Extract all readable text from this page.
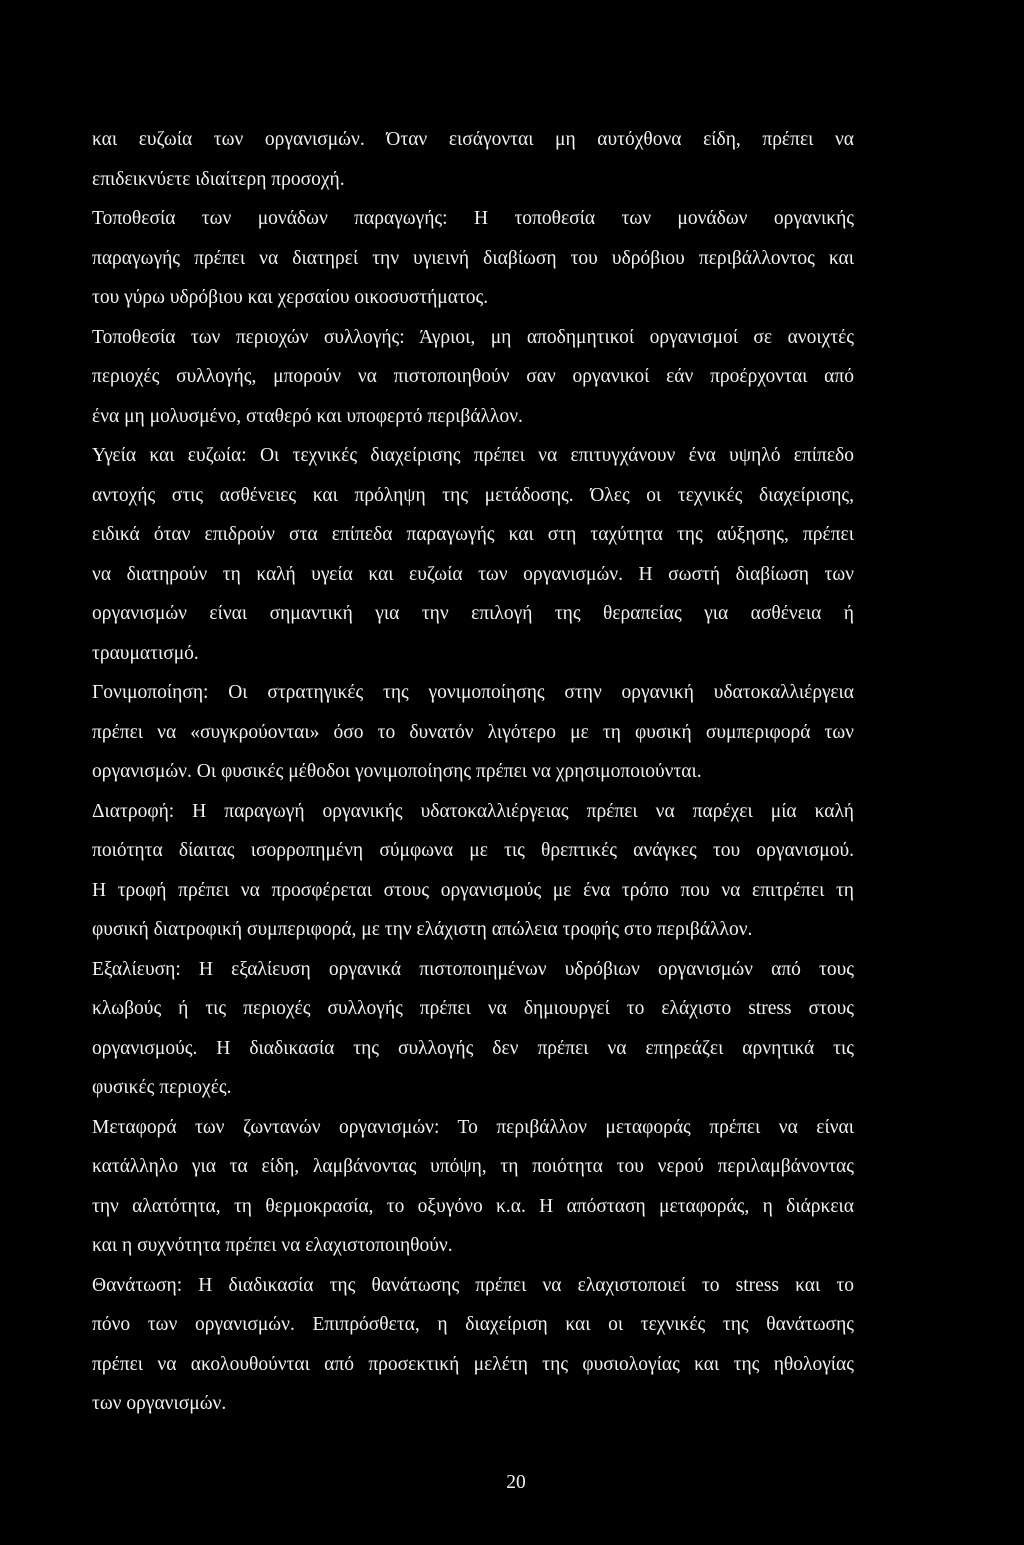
και ευζωία των οργανισμών. Όταν εισάγονται μη αυτόχθονα είδη, πρέπει να
επιδεικνύετε ιδιαίτερη προσοχή.
Τοποθεσία των μονάδων παραγωγής: Η τοποθεσία των μονάδων οργανικής
παραγωγής πρέπει να διατηρεί την υγιεινή διαβίωση του υδρόβιου περιβάλλοντος και
του γύρω υδρόβιου και χερσαίου οικοσυστήματος.
Τοποθεσία των περιοχών συλλογής: Άγριοι, μη αποδημητικοί οργανισμοί σε ανοιχτές
περιοχές συλλογής, μπορούν να πιστοποιηθούν σαν οργανικοί εάν προέρχονται από
ένα μη μολυσμένο, σταθερό και υποφερτό περιβάλλον.
Υγεία και ευζωία: Οι τεχνικές διαχείρισης πρέπει να επιτυγχάνουν ένα υψηλό επίπεδο
αντοχής στις ασθένειες και πρόληψη της μετάδοσης. Όλες οι τεχνικές διαχείρισης,
ειδικά όταν επιδρούν στα επίπεδα παραγωγής και στη ταχύτητα της αύξησης, πρέπει
να διατηρούν τη καλή υγεία και ευζωία των οργανισμών. Η σωστή διαβίωση των
οργανισμών είναι σημαντική για την επιλογή της θεραπείας για ασθένεια ή
τραυματισμό.
Γονιμοποίηση: Οι στρατηγικές της γονιμοποίησης στην οργανική υδατοκαλλιέργεια
πρέπει να «συγκρούονται» όσο το δυνατόν λιγότερο με τη φυσική συμπεριφορά των
οργανισμών. Οι φυσικές μέθοδοι γονιμοποίησης πρέπει να χρησιμοποιούνται.
Διατροφή: Η παραγωγή οργανικής υδατοκαλλιέργειας πρέπει να παρέχει μία καλή
ποιότητα δίαιτας ισορροπημένη σύμφωνα με τις θρεπτικές ανάγκες του οργανισμού.
Η τροφή πρέπει να προσφέρεται στους οργανισμούς με ένα τρόπο που να επιτρέπει τη
φυσική διατροφική συμπεριφορά, με την ελάχιστη απώλεια τροφής στο περιβάλλον.
Εξαλίευση: Η εξαλίευση οργανικά πιστοποιημένων υδρόβιων οργανισμών από τους
κλωβούς ή τις περιοχές συλλογής πρέπει να δημιουργεί το ελάχιστο stress στους
οργανισμούς. Η διαδικασία της συλλογής δεν πρέπει να επηρεάζει αρνητικά τις
φυσικές περιοχές.
Μεταφορά των ζωντανών οργανισμών: Το περιβάλλον μεταφοράς πρέπει να είναι
κατάλληλο για τα είδη, λαμβάνοντας υπόψη, τη ποιότητα του νερού περιλαμβάνοντας
την αλατότητα, τη θερμοκρασία, το οξυγόνο κ.α. Η απόσταση μεταφοράς, η διάρκεια
και η συχνότητα πρέπει να ελαχιστοποιηθούν.
Θανάτωση: Η διαδικασία της θανάτωσης πρέπει να ελαχιστοποιεί το stress και το
πόνο των οργανισμών. Επιπρόσθετα, η διαχείριση και οι τεχνικές της θανάτωσης
πρέπει να ακολουθούνται από προσεκτική μελέτη της φυσιολογίας και της ηθολογίας
των οργανισμών.
20
